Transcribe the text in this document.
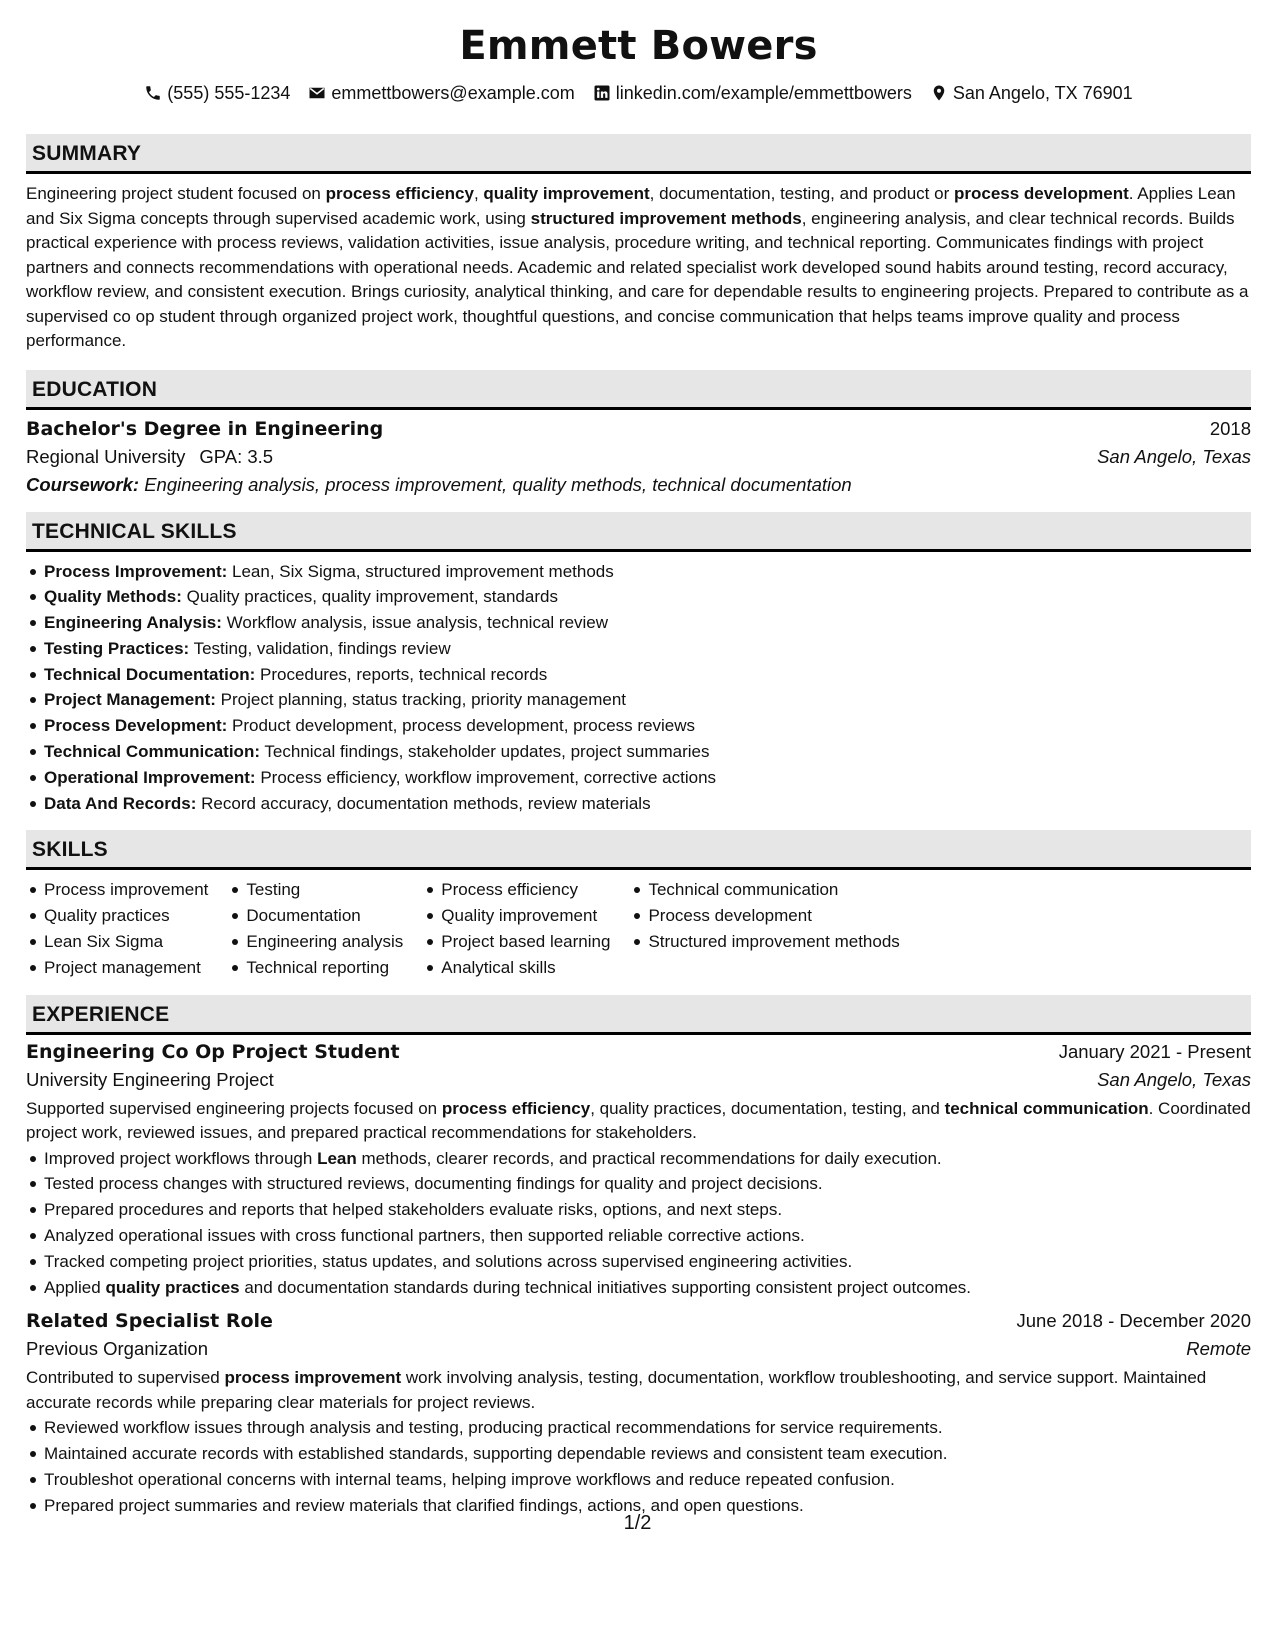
Emmett Bowers
(555) 555-1234 emmettbowers@example.com linkedin.com/example/emmettbowers San Angelo, TX 76901
SUMMARY

Engineering project student focused on process efficiency, quality improvement, documentation, testing, and product or process development. Applies Lean and Six Sigma concepts through supervised academic work, using structured improvement methods, engineering analysis, and clear technical records. Builds practical experience with process reviews, validation activities, issue analysis, procedure writing, and technical reporting. Communicates findings with project partners and connects recommendations with operational needs. Academic and related specialist work developed sound habits around testing, record accuracy, workflow review, and consistent execution. Brings curiosity, analytical thinking, and care for dependable results to engineering projects. Prepared to contribute as a supervised co op student through organized project work, thoughtful questions, and concise communication that helps teams improve quality and process performance.

EDUCATION
Bachelor's Degree in Engineering	2018
Regional University GPA: 3.5	San Angelo, Texas
Coursework: Engineering analysis, process improvement, quality methods, technical documentation
TECHNICAL SKILLS
Process Improvement: Lean, Six Sigma, structured improvement methods
Quality Methods: Quality practices, quality improvement, standards
Engineering Analysis: Workflow analysis, issue analysis, technical review
Testing Practices: Testing, validation, findings review
Technical Documentation: Procedures, reports, technical records
Project Management: Project planning, status tracking, priority management
Process Development: Product development, process development, process reviews
Technical Communication: Technical findings, stakeholder updates, project summaries
Operational Improvement: Process efficiency, workflow improvement, corrective actions
Data And Records: Record accuracy, documentation methods, review materials
SKILLS
Process improvement
Quality practices
Lean Six Sigma
Project management
Testing
Documentation
Engineering analysis
Technical reporting
Process efficiency
Quality improvement
Project based learning
Analytical skills
Technical communication
Process development
Structured improvement methods
EXPERIENCE
Engineering Co Op Project Student	January 2021 - Present
University Engineering Project	San Angelo, Texas

Supported supervised engineering projects focused on process efficiency, quality practices, documentation, testing, and technical communication. Coordinated project work, reviewed issues, and prepared practical recommendations for stakeholders.

Improved project workflows through Lean methods, clearer records, and practical recommendations for daily execution.
Tested process changes with structured reviews, documenting findings for quality and project decisions.
Prepared procedures and reports that helped stakeholders evaluate risks, options, and next steps.
Analyzed operational issues with cross functional partners, then supported reliable corrective actions.
Tracked competing project priorities, status updates, and solutions across supervised engineering activities.
Applied quality practices and documentation standards during technical initiatives supporting consistent project outcomes.
Related Specialist Role	June 2018 - December 2020
Previous Organization	Remote

Contributed to supervised process improvement work involving analysis, testing, documentation, workflow troubleshooting, and service support. Maintained accurate records while preparing clear materials for project reviews.

Reviewed workflow issues through analysis and testing, producing practical recommendations for service requirements.
Maintained accurate records with established standards, supporting dependable reviews and consistent team execution.
Troubleshot operational concerns with internal teams, helping improve workflows and reduce repeated confusion.
Prepared project summaries and review materials that clarified findings, actions, and open questions.
1/2
